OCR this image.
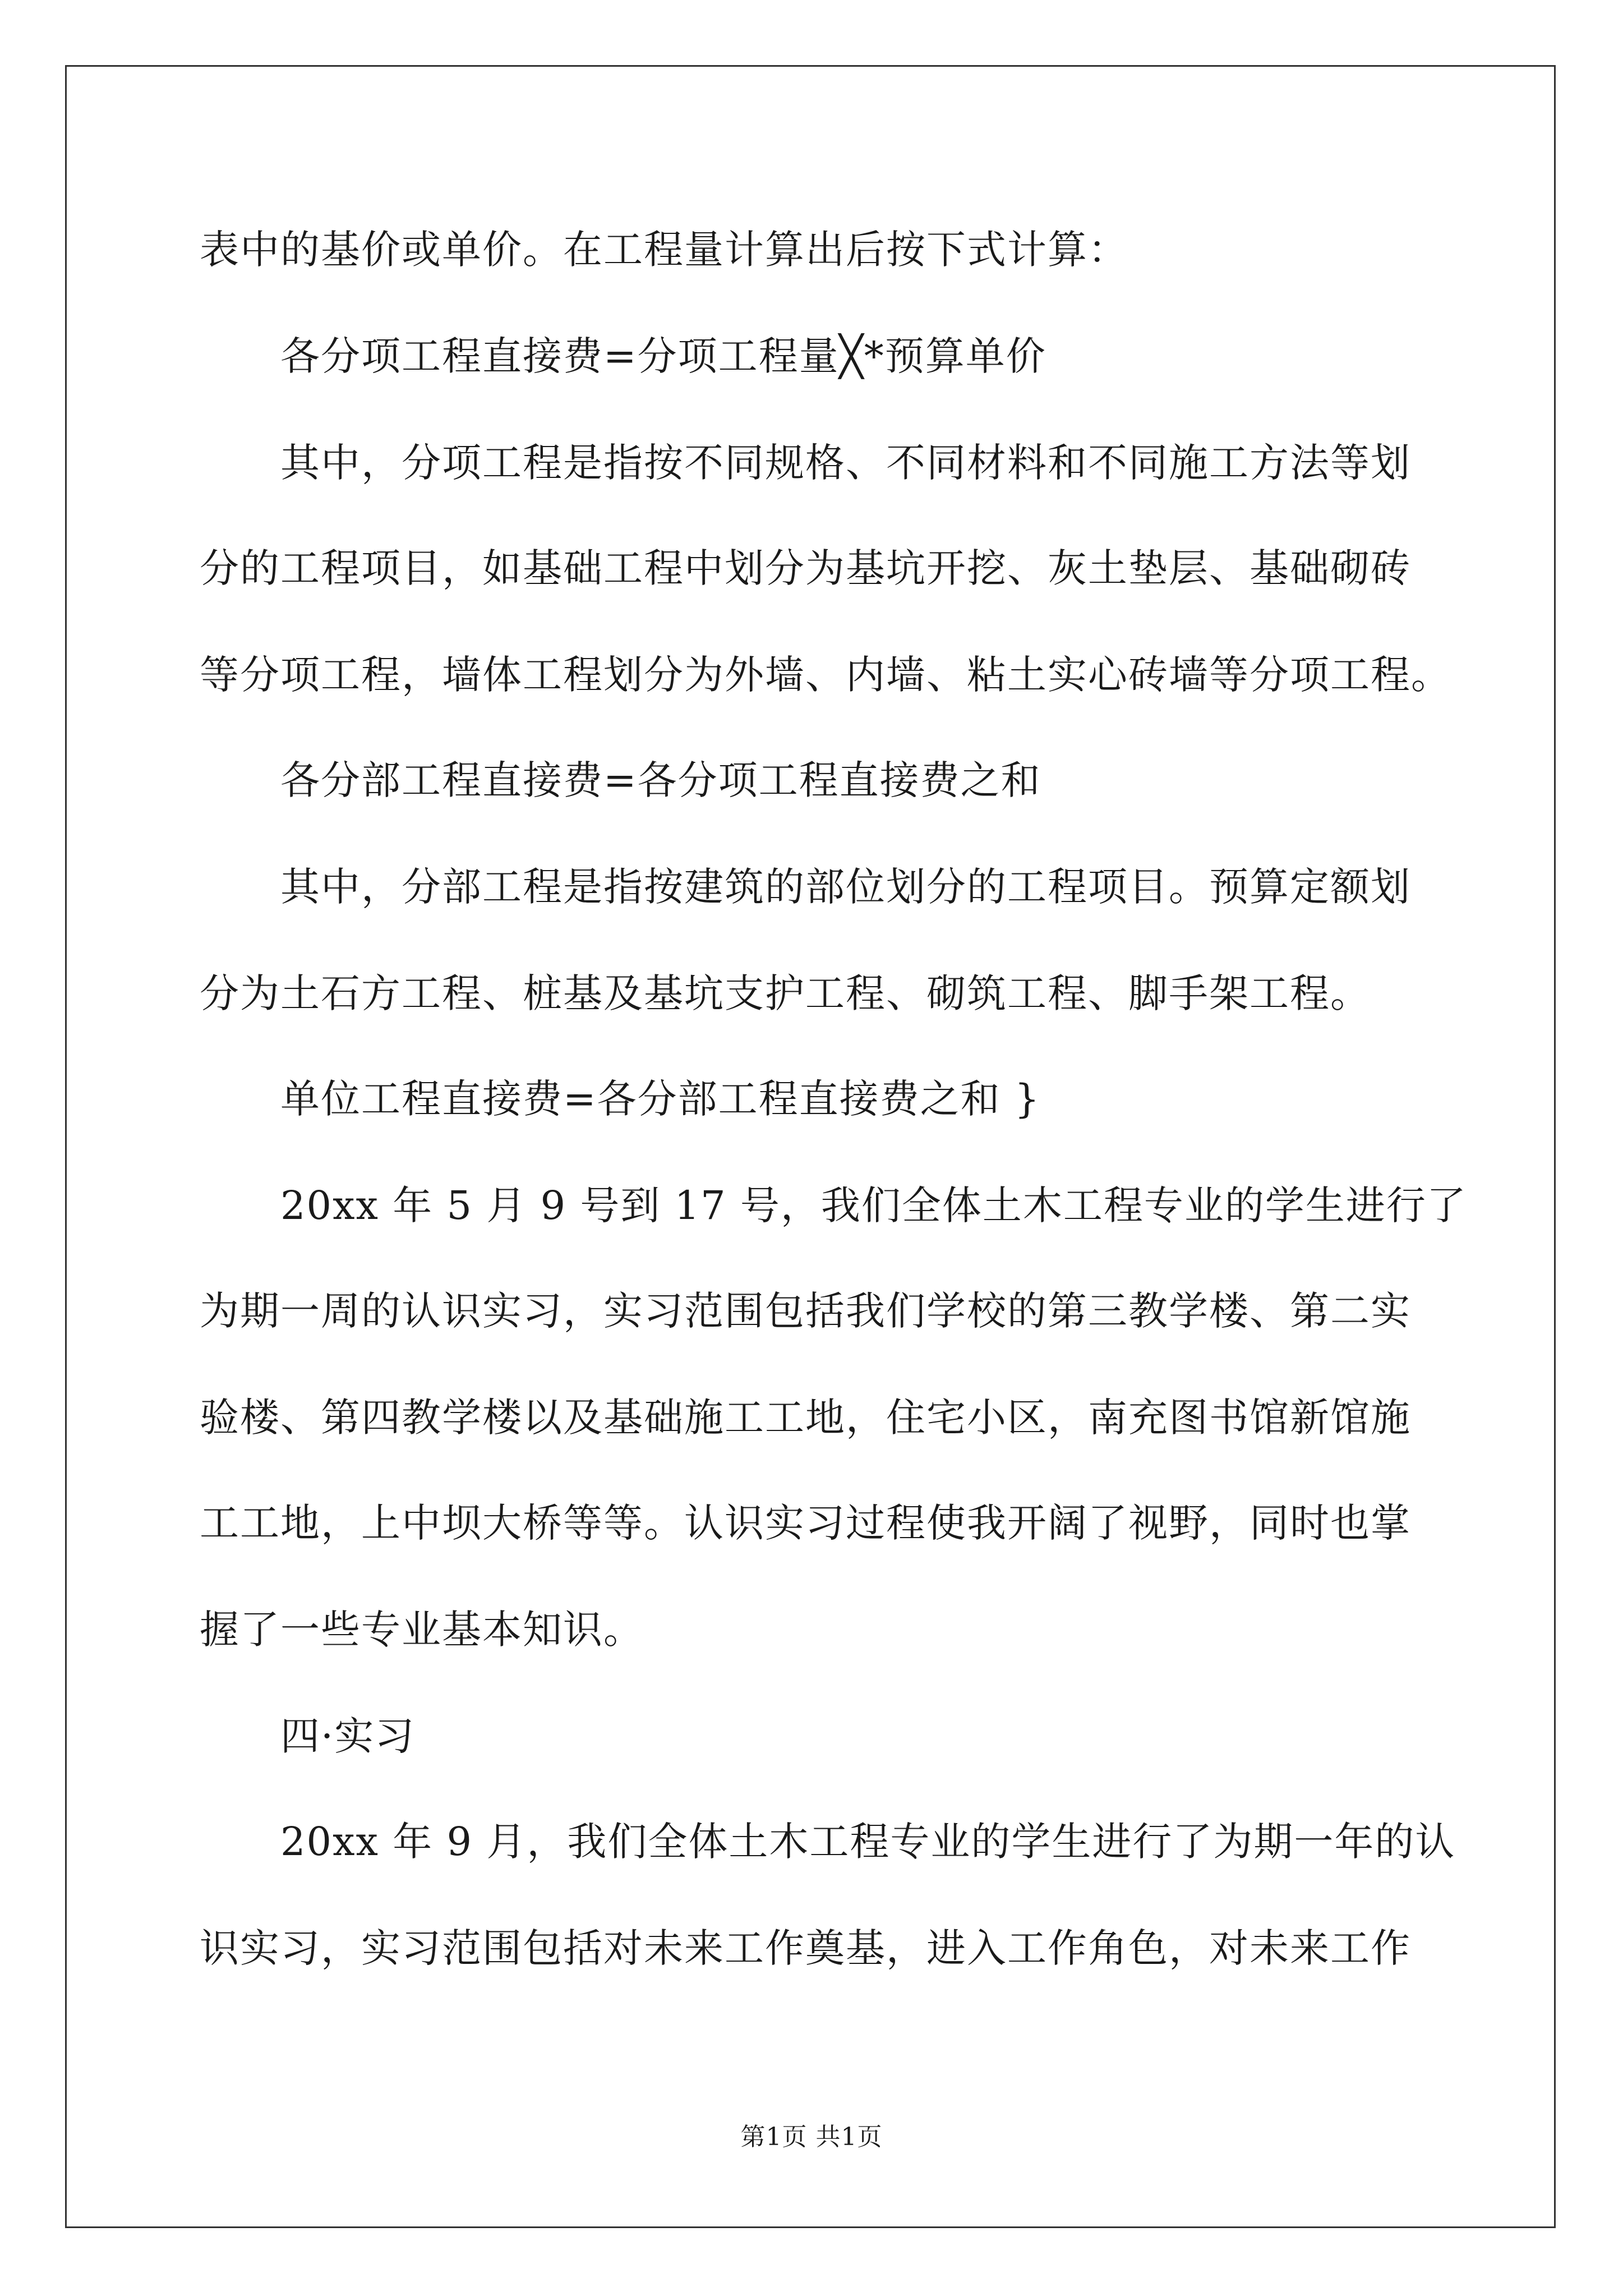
表中的基价或单价。在工程量计算出后按下式计算：
各分项工程直接费=分项工程量╳*预算单价
其中，分项工程是指按不同规格、不同材料和不同施工方法等划
分的工程项目，如基础工程中划分为基坑开挖、灰土垫层、基础砌砖
等分项工程，墙体工程划分为外墙、内墙、粘土实心砖墙等分项工程。
各分部工程直接费=各分项工程直接费之和
其中，分部工程是指按建筑的部位划分的工程项目。预算定额划
分为土石方工程、桩基及基坑支护工程、砌筑工程、脚手架工程。
单位工程直接费=各分部工程直接费之和 }
20xx 年 5 月 9 号到 17 号，我们全体土木工程专业的学生进行了
为期一周的认识实习，实习范围包括我们学校的第三教学楼、第二实
验楼、第四教学楼以及基础施工工地，住宅小区，南充图书馆新馆施
工工地，上中坝大桥等等。认识实习过程使我开阔了视野，同时也掌
握了一些专业基本知识。
四·实习
20xx 年 9 月，我们全体土木工程专业的学生进行了为期一年的认
识实习，实习范围包括对未来工作奠基，进入工作角色，对未来工作
第1页 共1页
